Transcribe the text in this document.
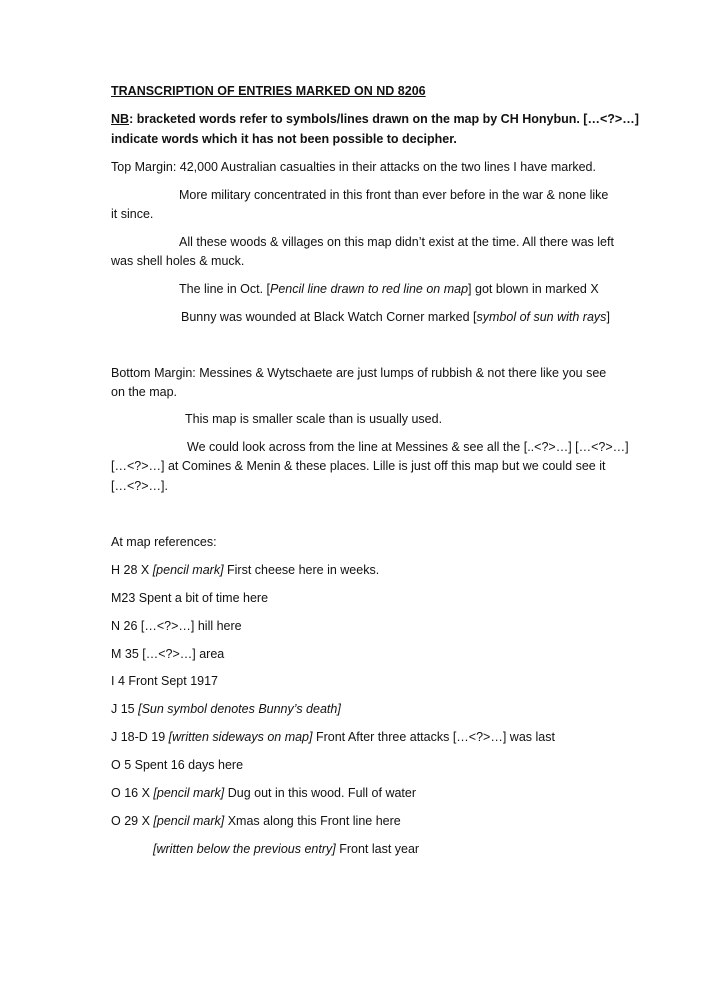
TRANSCRIPTION OF ENTRIES MARKED ON ND 8206
NB: bracketed words refer to symbols/lines drawn on the map by CH Honybun. […<?>…]
indicate words which it has not been possible to decipher.
Top Margin: 42,000 Australian casualties in their attacks on the two lines I have marked.
More military concentrated in this front than ever before in the war & none like
it since.
All these woods & villages on this map didn’t exist at the time. All there was left
was shell holes & muck.
The line in Oct. [Pencil line drawn to red line on map] got blown in marked X
Bunny was wounded at Black Watch Corner marked [symbol of sun with rays]
Bottom Margin: Messines & Wytschaete are just lumps of rubbish & not there like you see
on the map.
This map is smaller scale than is usually used.
We could look across from the line at Messines & see all the [..<?>…] […<?>…]
[…<?>…] at Comines & Menin & these places. Lille is just off this map but we could see it
[…<?>…].
At map references:
H 28 X [pencil mark] First cheese here in weeks.
M23 Spent a bit of time here
N 26 […<?>…] hill here
M 35 […<?>…] area
I 4 Front Sept 1917
J 15 [Sun symbol denotes Bunny’s death]
J 18-D 19 [written sideways on map] Front After three attacks […<?>…] was last
O 5 Spent 16 days here
O 16 X [pencil mark] Dug out in this wood. Full of water
O 29 X [pencil mark] Xmas along this Front line here
[written below the previous entry] Front last year
